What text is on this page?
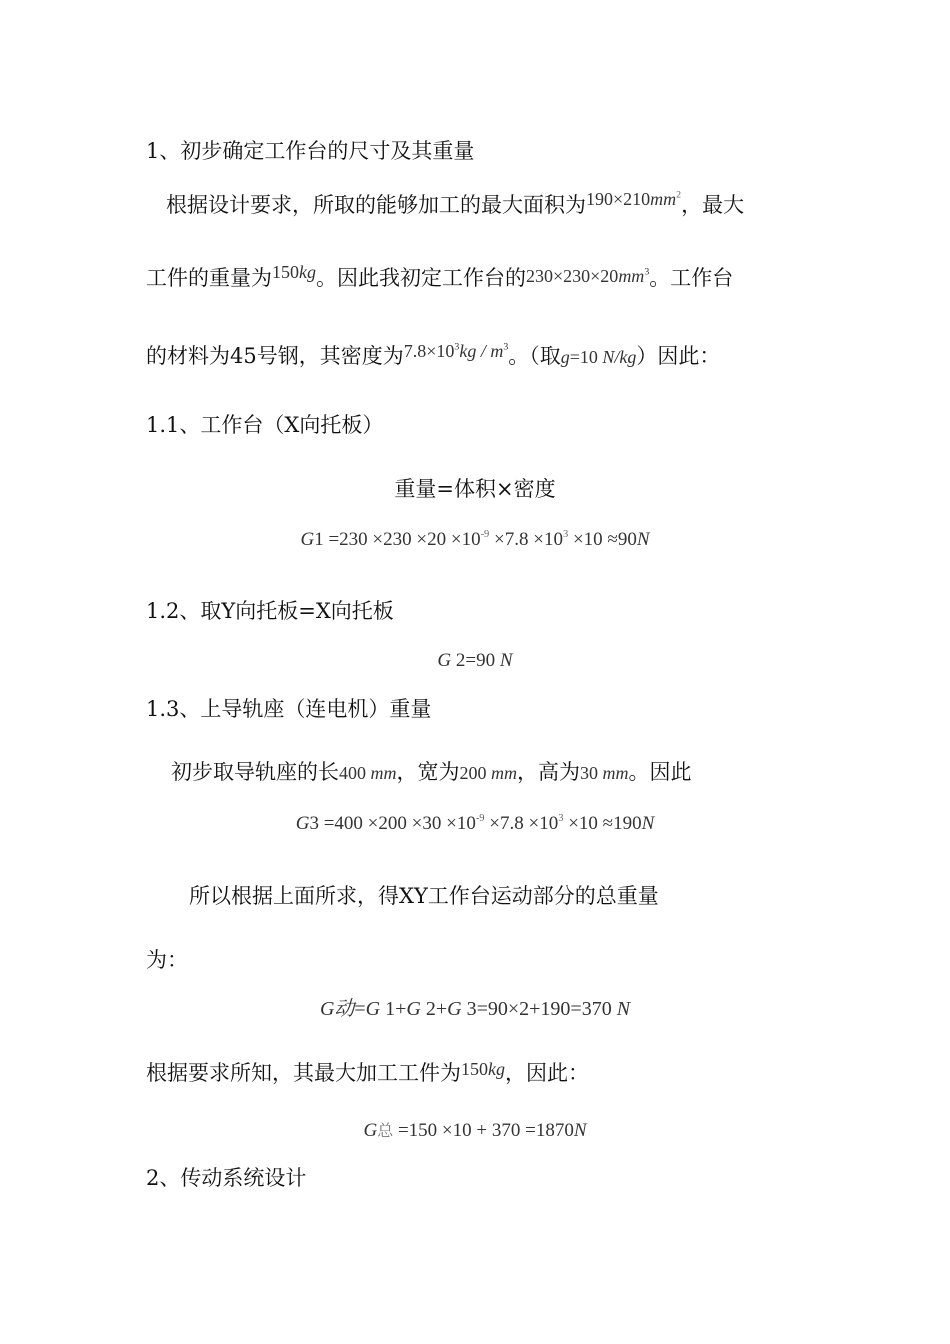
1、初步确定工作台的尺寸及其重量
根据设计要求，所取的能够加工的最大面积为$190\times 210mm^2$，最大
工件的重量为150kg。因此我初定工作台的$230\times 230\times 20mm^3$。工作台
的材料为45号钢，其密度为$7.8\times 10^3kg / m^3$。（取g=10 N/kg）因此：
1.1、工作台（X向托板）
重量=体积×密度
$G1 =230 \times 230 \times 20 \times 10^{-9} \times 7.8 \times 10^3 \times 10 \approx 90N$
1.2、取Y向托板=X向托板
G 2=90 N
1.3、上导轨座（连电机）重量
初步取导轨座的长400 mm，宽为200 mm，高为30 mm。因此
$G3 =400 \times 200 \times 30 \times 10^{-9} \times 7.8 \times 10^3 \times 10 \approx 190N$
所以根据上面所求，得XY工作台运动部分的总重量
为：
G动=G 1+G 2+G 3=90×2+190=370 N
根据要求所知，其最大加工工件为150kg，因此：
G总 =150 ×10 + 370 =1870N
2、传动系统设计
